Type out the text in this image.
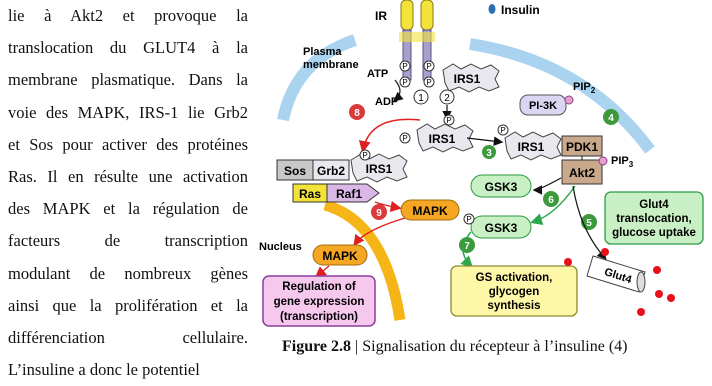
lie à Akt2 et provoque la
translocation du GLUT4 à la
membrane plasmatique. Dans la
voie des MAPK, IRS-1 lie Grb2
et Sos pour activer des protéines
Ras. Il en résulte une activation
des MAPK et la régulation de
facteurs de transcription
modulant de nombreux gènes
ainsi que la prolifération et la
différenciation cellulaire.
L’insuline a donc le potentiel
IR	Insulin
Plasma
membrane
ATP
ADP
P P
P P IRS1
1 2
IRS1
P
P
IRS1
P
3
PI-3K
$PIP_2$
4
PDK1
Akt2
$PIP_3$
8
Sos Grb2 IRS1
P
Ras Raf1
MAPK
9
Nucleus
MAPK
Regulation of
gene expression
(transcription)
GSK3
6
GSK3
P
7
GS activation,
glycogen
synthesis
5
Glut4
translocation,
glucose uptake
Glut4
Figure 2.8 | Signalisation du récepteur à l’insuline (4)
